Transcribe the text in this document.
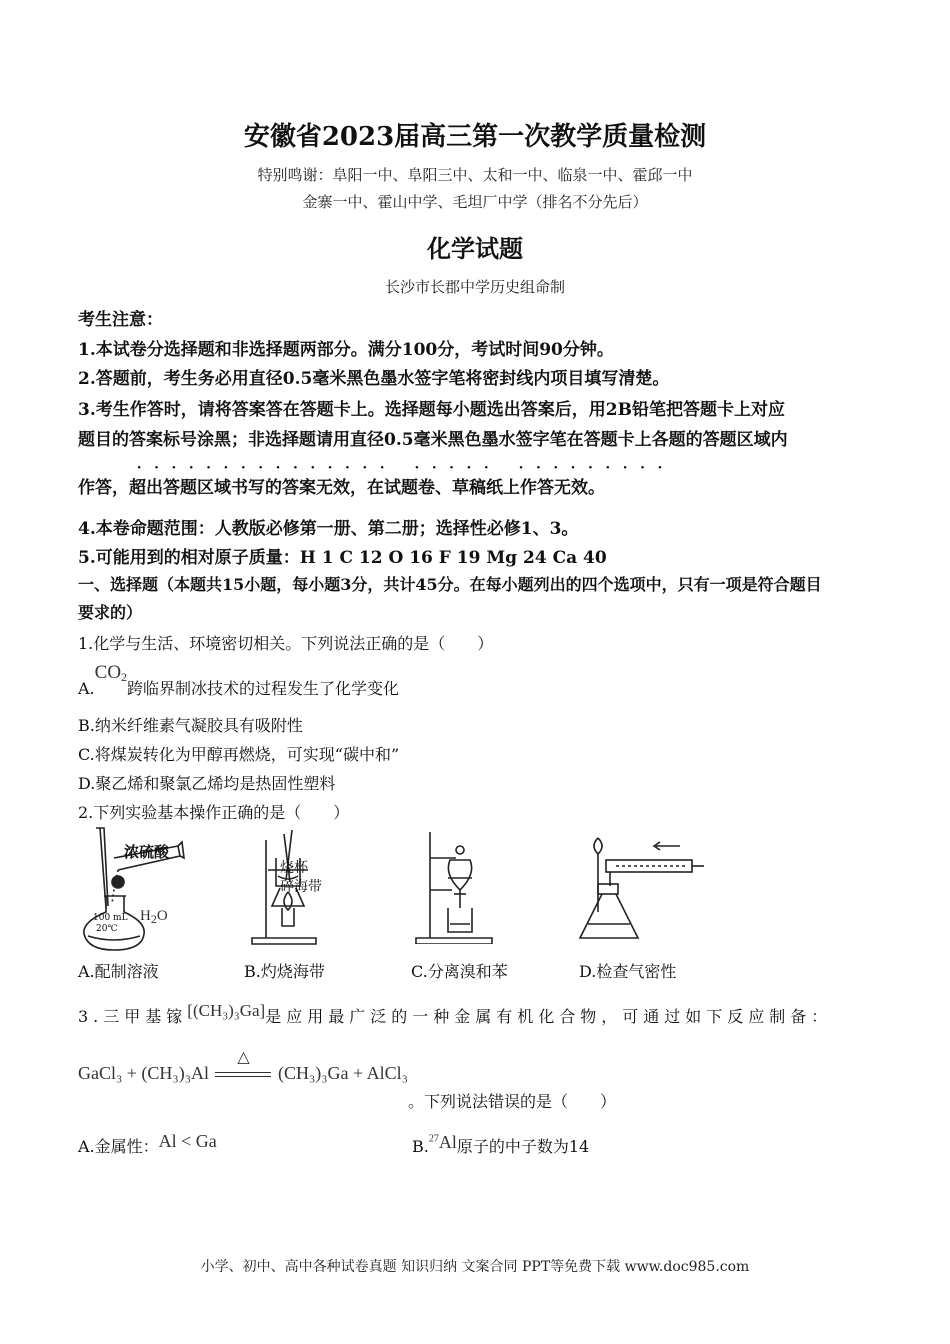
安徽省2023届高三第一次教学质量检测
特别鸣谢：阜阳一中、阜阳三中、太和一中、临泉一中、霍邱一中
金寨一中、霍山中学、毛坦厂中学（排名不分先后）
化学试题
长沙市长郡中学历史组命制
考生注意：
1.本试卷分选择题和非选择题两部分。满分100分，考试时间90分钟。
2.答题前，考生务必用直径0.5毫米黑色墨水签字笔将密封线内项目填写清楚。
3.考生作答时，请将答案答在答题卡上。选择题每小题选出答案后，用2B铅笔把答题卡上对应
题目的答案标号涂黑；非选择题请用直径0.5毫米黑色墨水签字笔在答题卡上各题的答题区域内
··············· ····· ·········
作答，超出答题区域书写的答案无效，在试题卷、草稿纸上作答无效。
4.本卷命题范围：人教版必修第一册、第二册；选择性必修1、3。
5.可能用到的相对原子质量：H 1 C 12 O 16 F 19 Mg 24 Ca 40
一、选择题（本题共15小题，每小题3分，共计45分。在每小题列出的四个选项中，只有一项是符合题目
要求的）
1.化学与生活、环境密切相关。下列说法正确的是（　　）
$A.CO_2$跨临界制冰技术的过程发生了化学变化
B.纳米纤维素气凝胶具有吸附性
C.将煤炭转化为甲醇再燃烧，可实现“碳中和”
D.聚乙烯和聚氯乙烯均是热固性塑料
2.下列实验基本操作正确的是（　　）
浓硫酸
$H_2O$
100 mL
20℃
烧杯
碎海带
A.配制溶液	B.灼烧海带	C.分离溴和苯	D.检查气密性
3.三甲基镓[(CH₃)₃Ga]是应用最广泛的一种金属有机化合物，可通过如下反应制备：
GaCl₃ + (CH₃)₃Al
△
(CH₃)₃Ga + AlCl₃
。下列说法错误的是（　　）
A.金属性：Al < Ga	B.$^{27}$Al原子的中子数为14
小学、初中、高中各种试卷真题 知识归纳 文案合同 PPT等免费下载 www.doc985.com
